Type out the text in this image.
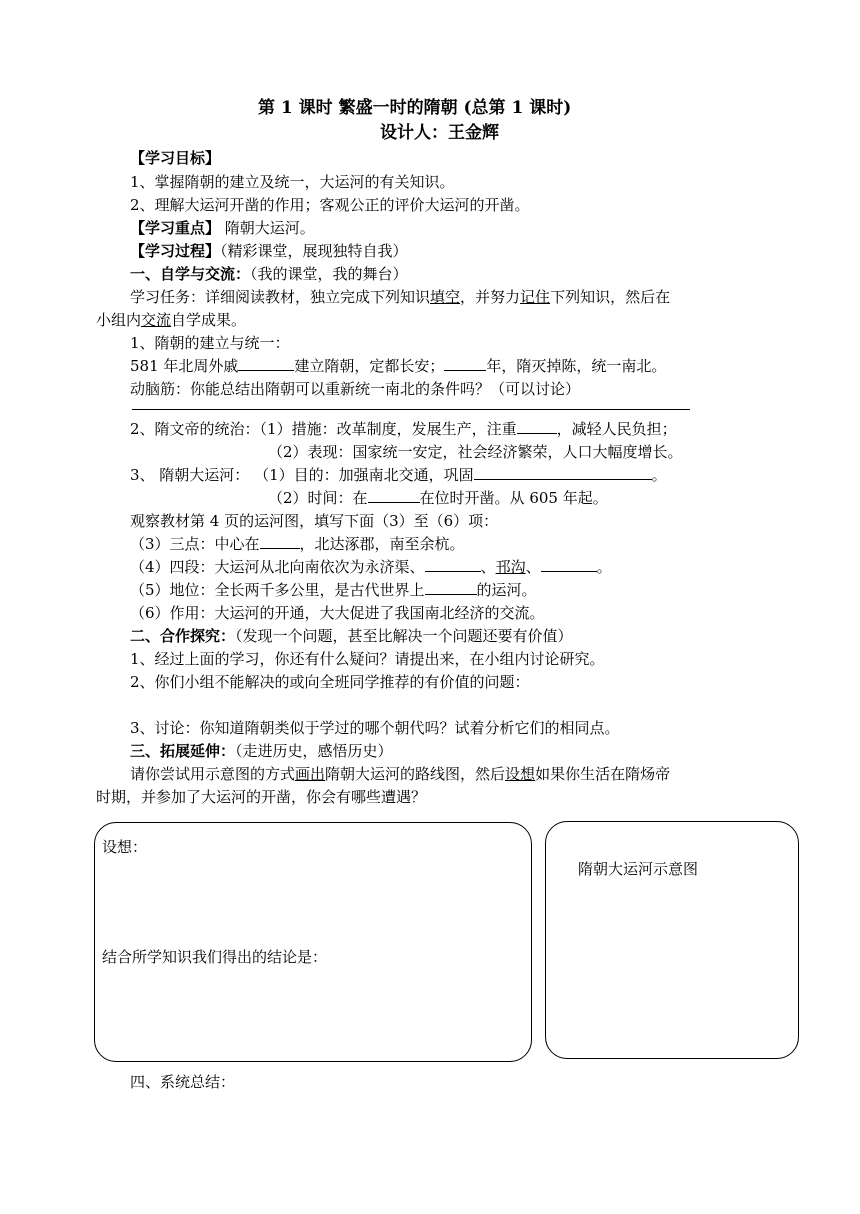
第 1 课时 繁盛一时的隋朝 (总第 1 课时)
设计人：王金辉
【学习目标】
1、掌握隋朝的建立及统一，大运河的有关知识。
2、理解大运河开凿的作用；客观公正的评价大运河的开凿。
【学习重点】 隋朝大运河。
【学习过程】（精彩课堂，展现独特自我）
一、自学与交流：（我的课堂，我的舞台）
学习任务：详细阅读教材，独立完成下列知识填空，并努力记住下列知识，然后在
小组内交流自学成果。
1、隋朝的建立与统一：
581 年北周外戚	建立隋朝，定都长安；	年，隋灭掉陈，统一南北。
动脑筋：你能总结出隋朝可以重新统一南北的条件吗？（可以讨论）
2、隋文帝的统治：（1）措施：改革制度，发展生产，注重	，减轻人民负担；
（2）表现：国家统一安定，社会经济繁荣，人口大幅度增长。
3、 隋朝大运河： （1）目的：加强南北交通，巩固	。
（2）时间：在	在位时开凿。从 605 年起。
观察教材第 4 页的运河图，填写下面（3）至（6）项：
（3）三点：中心在	，北达涿郡，南至余杭。
（4）四段：大运河从北向南依次为永济渠、	、邗沟、	。
（5）地位：全长两千多公里，是古代世界上	的运河。
（6）作用：大运河的开通，大大促进了我国南北经济的交流。
二、合作探究：（发现一个问题，甚至比解决一个问题还要有价值）
1、经过上面的学习，你还有什么疑问？请提出来，在小组内讨论研究。
2、你们小组不能解决的或向全班同学推荐的有价值的问题：
3、讨论：你知道隋朝类似于学过的哪个朝代吗？试着分析它们的相同点。
三、拓展延伸：（走进历史，感悟历史）
请你尝试用示意图的方式画出隋朝大运河的路线图，然后设想如果你生活在隋炀帝
时期，并参加了大运河的开凿，你会有哪些遭遇？
设想：
结合所学知识我们得出的结论是：
隋朝大运河示意图
四、系统总结：
